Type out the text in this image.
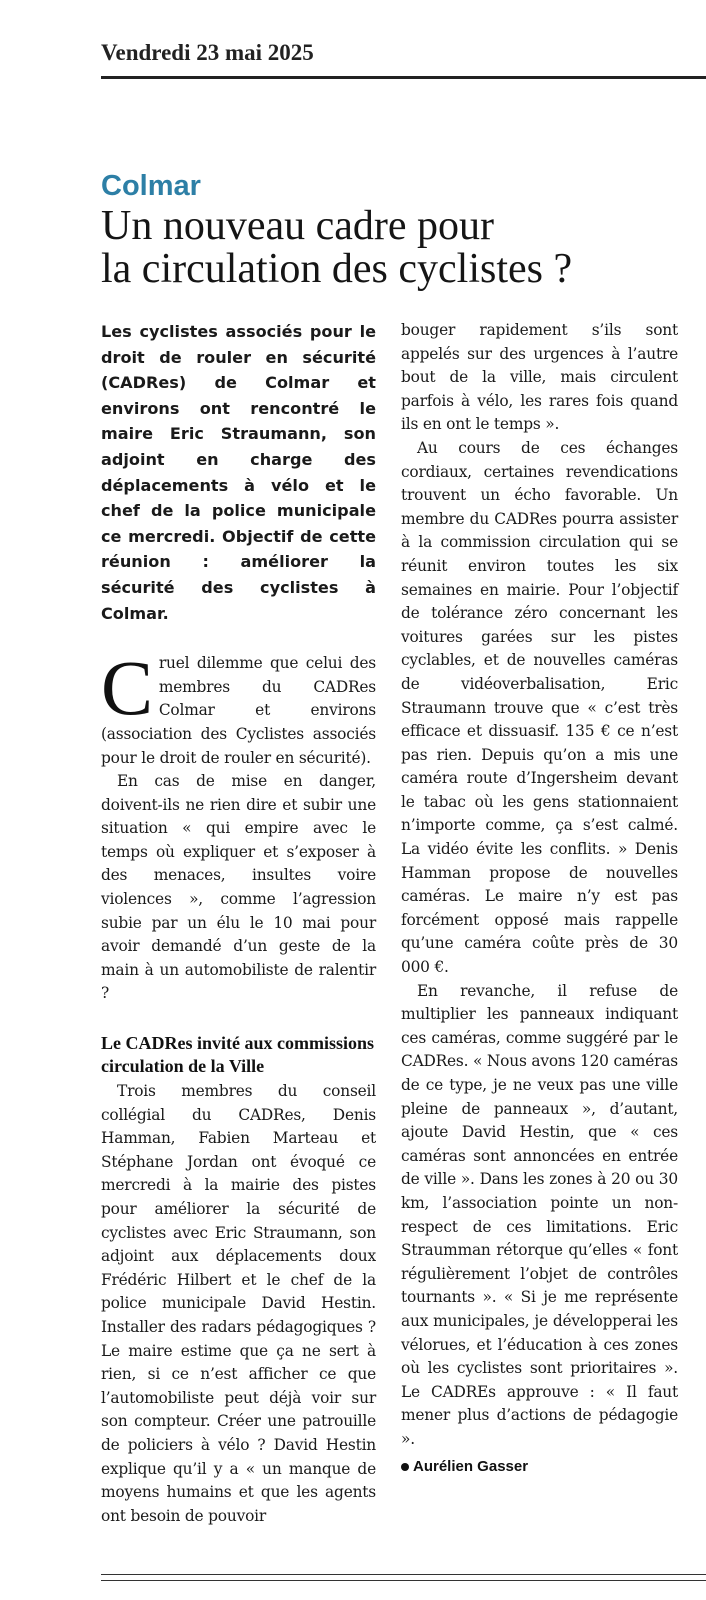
Vendredi 23 mai 2025
Colmar
Un nouveau cadre pour
la circulation des cyclistes ?

Les cyclistes associés pour le droit de rouler en sécurité (CADRes) de Colmar et environs ont rencontré le maire Eric Straumann, son adjoint en charge des déplacements à vélo et le chef de la police municipale ce mercredi. Objectif de cette réunion : améliorer la sécurité des cyclistes à Colmar.

Cruel dilemme que celui des membres du CADRes Colmar et environs (association des Cyclistes associés pour le droit de rouler en sécurité).

En cas de mise en danger, doivent-ils ne rien dire et subir une situation « qui empire avec le temps où expliquer et s’exposer à des menaces, insultes voire violences », comme l’agression subie par un élu le 10 mai pour avoir demandé d’un geste de la main à un automobiliste de ralentir ?

Le CADRes invité aux commissions circulation de la Ville

Trois membres du conseil collégial du CADRes, Denis Hamman, Fabien Marteau et Stéphane Jordan ont évoqué ce mercredi à la mairie des pistes pour améliorer la sécurité de cyclistes avec Eric Straumann, son adjoint aux déplacements doux Frédéric Hilbert et le chef de la police municipale David Hestin. Installer des radars pédagogiques ? Le maire estime que ça ne sert à rien, si ce n’est afficher ce que l’automobiliste peut déjà voir sur son compteur. Créer une patrouille de policiers à vélo ? David Hestin explique qu’il y a « un manque de moyens humains et que les agents ont besoin de pouvoir

bouger rapidement s’ils sont appelés sur des urgences à l’autre bout de la ville, mais circulent parfois à vélo, les rares fois quand ils en ont le temps ».

Au cours de ces échanges cordiaux, certaines revendications trouvent un écho favorable. Un membre du CADRes pourra assister à la commission circulation qui se réunit environ toutes les six semaines en mairie. Pour l’objectif de tolérance zéro concernant les voitures garées sur les pistes cyclables, et de nouvelles caméras de vidéoverbalisation, Eric Straumann trouve que « c’est très efficace et dissuasif. 135 € ce n’est pas rien. Depuis qu’on a mis une caméra route d’Ingersheim devant le tabac où les gens stationnaient n’importe comme, ça s’est calmé. La vidéo évite les conflits. » Denis Hamman propose de nouvelles caméras. Le maire n’y est pas forcément opposé mais rappelle qu’une caméra coûte près de 30 000 €.

En revanche, il refuse de multiplier les panneaux indiquant ces caméras, comme suggéré par le CADRes. « Nous avons 120 caméras de ce type, je ne veux pas une ville pleine de panneaux », d’autant, ajoute David Hestin, que « ces caméras sont annoncées en entrée de ville ». Dans les zones à 20 ou 30 km, l’association pointe un non-respect de ces limitations. Eric Straumman rétorque qu’elles « font régulièrement l’objet de contrôles tournants ». « Si je me représente aux municipales, je développerai les vélorues, et l’éducation à ces zones où les cyclistes sont prioritaires ». Le CADREs approuve : « Il faut mener plus d’actions de pédagogie ».

Aurélien Gasser
